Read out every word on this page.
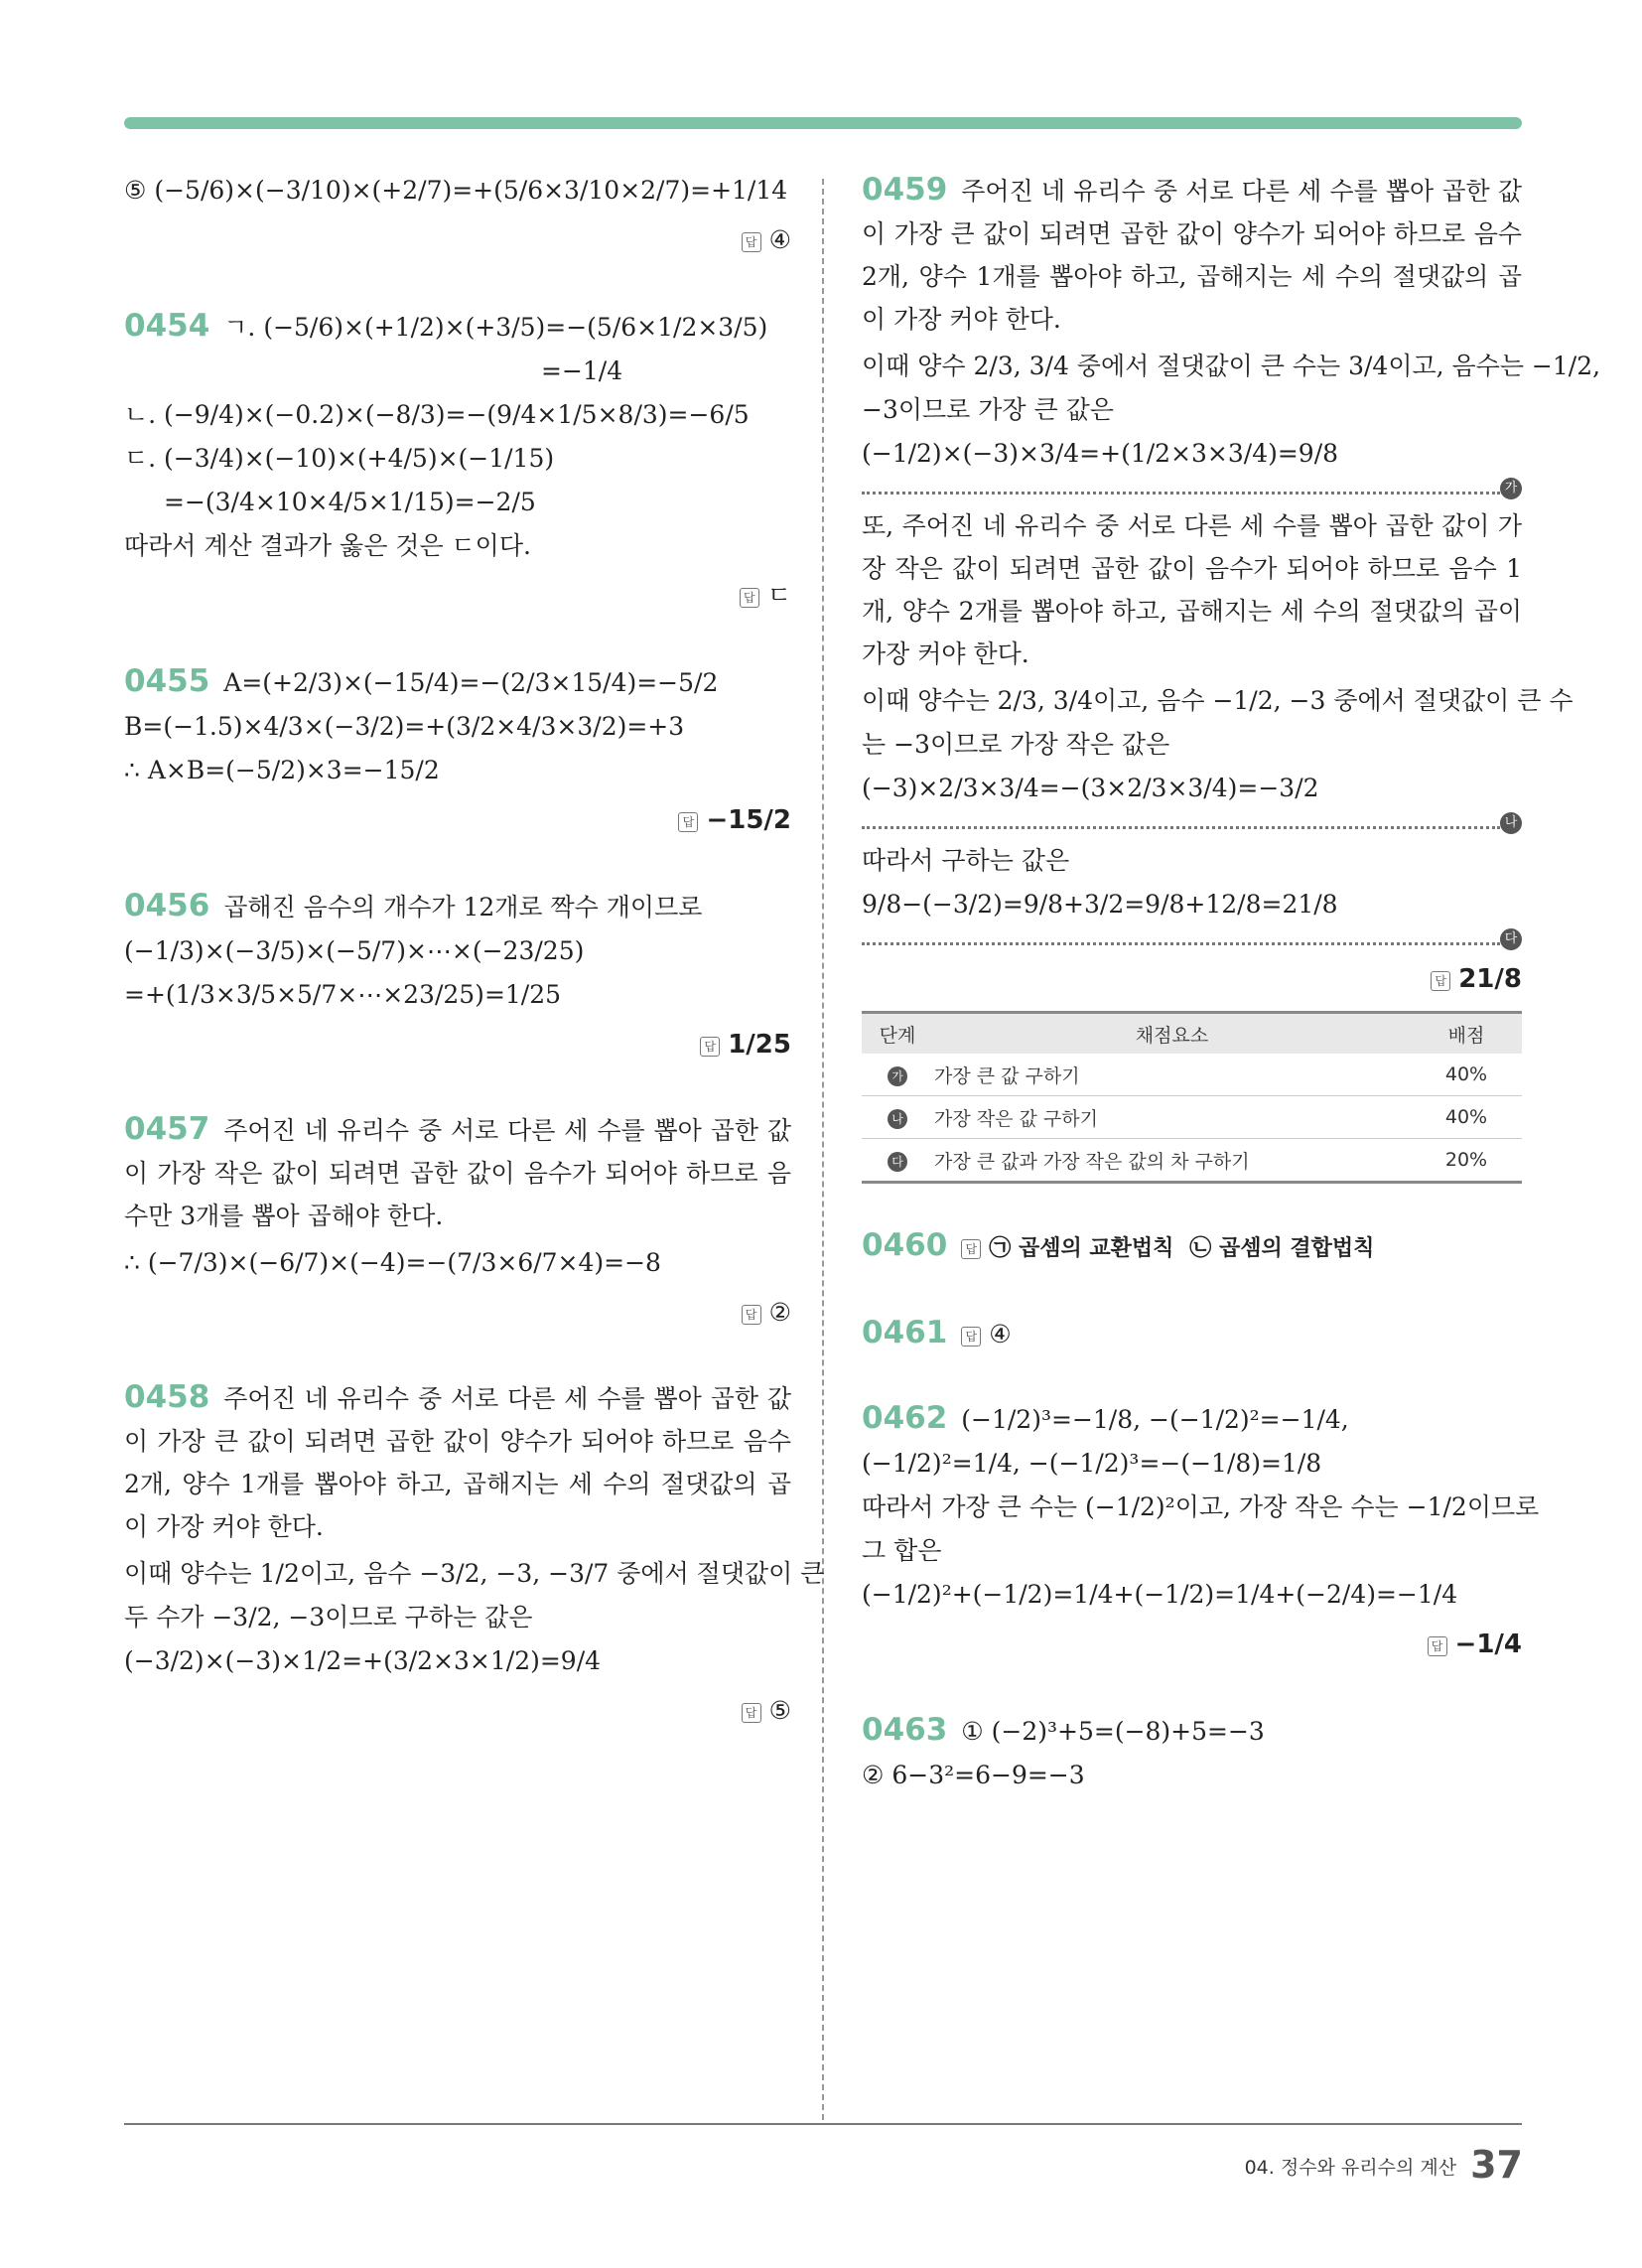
⑤ (−5/6)×(−3/10)×(+2/7)=+(5/6×3/10×2/7)=+1/14
답 ④
0454 ㄱ. (−5/6)×(+1/2)×(+3/5)=−(5/6×1/2×3/5)
=−1/4
ㄴ. (−9/4)×(−0.2)×(−8/3)=−(9/4×1/5×8/3)=−6/5
ㄷ. (−3/4)×(−10)×(+4/5)×(−1/15)
=−(3/4×10×4/5×1/15)=−2/5
따라서 계산 결과가 옳은 것은 ㄷ이다.
답 ㄷ
0455 A=(+2/3)×(−15/4)=−(2/3×15/4)=−5/2
B=(−1.5)×4/3×(−3/2)=+(3/2×4/3×3/2)=+3
∴ A×B=(−5/2)×3=−15/2
답 −15/2
0456 곱해진 음수의 개수가 12개로 짝수 개이므로
(−1/3)×(−3/5)×(−5/7)×⋯×(−23/25)
=+(1/3×3/5×5/7×⋯×23/25)=1/25
답 1/25

0457 주어진 네 유리수 중 서로 다른 세 수를 뽑아 곱한 값이 가장 작은 값이 되려면 곱한 값이 음수가 되어야 하므로 음수만 3개를 뽑아 곱해야 한다.

∴ (−7/3)×(−6/7)×(−4)=−(7/3×6/7×4)=−8
답 ②

0458 주어진 네 유리수 중 서로 다른 세 수를 뽑아 곱한 값이 가장 큰 값이 되려면 곱한 값이 양수가 되어야 하므로 음수 2개, 양수 1개를 뽑아야 하고, 곱해지는 세 수의 절댓값의 곱이 가장 커야 한다.

이때 양수는 1/2이고, 음수 −3/2, −3, −3/7 중에서 절댓값이 큰
두 수가 −3/2, −3이므로 구하는 값은
(−3/2)×(−3)×1/2=+(3/2×3×1/2)=9/4
답 ⑤

0459 주어진 네 유리수 중 서로 다른 세 수를 뽑아 곱한 값이 가장 큰 값이 되려면 곱한 값이 양수가 되어야 하므로 음수 2개, 양수 1개를 뽑아야 하고, 곱해지는 세 수의 절댓값의 곱이 가장 커야 한다.

이때 양수 2/3, 3/4 중에서 절댓값이 큰 수는 3/4이고, 음수는 −1/2,
−3이므로 가장 큰 값은
(−1/2)×(−3)×3/4=+(1/2×3×3/4)=9/8
가

또, 주어진 네 유리수 중 서로 다른 세 수를 뽑아 곱한 값이 가장 작은 값이 되려면 곱한 값이 음수가 되어야 하므로 음수 1개, 양수 2개를 뽑아야 하고, 곱해지는 세 수의 절댓값의 곱이 가장 커야 한다.

이때 양수는 2/3, 3/4이고, 음수 −1/2, −3 중에서 절댓값이 큰 수
는 −3이므로 가장 작은 값은
(−3)×2/3×3/4=−(3×2/3×3/4)=−3/2
나
따라서 구하는 값은
9/8−(−3/2)=9/8+3/2=9/8+12/8=21/8
다
답 21/8
단계	채점요소	배점
가	가장 큰 값 구하기	40%
나	가장 작은 값 구하기	40%
다	가장 큰 값과 가장 작은 값의 차 구하기	20%
0460 답 ㉠ 곱셈의 교환법칙 ㉡ 곱셈의 결합법칙
0461 답 ④
0462 (−1/2)³=−1/8, −(−1/2)²=−1/4,
(−1/2)²=1/4, −(−1/2)³=−(−1/8)=1/8
따라서 가장 큰 수는 (−1/2)²이고, 가장 작은 수는 −1/2이므로
그 합은
(−1/2)²+(−1/2)=1/4+(−1/2)=1/4+(−2/4)=−1/4
답 −1/4
0463 ① (−2)³+5=(−8)+5=−3
② 6−3²=6−9=−3
04. 정수와 유리수의 계산 37
